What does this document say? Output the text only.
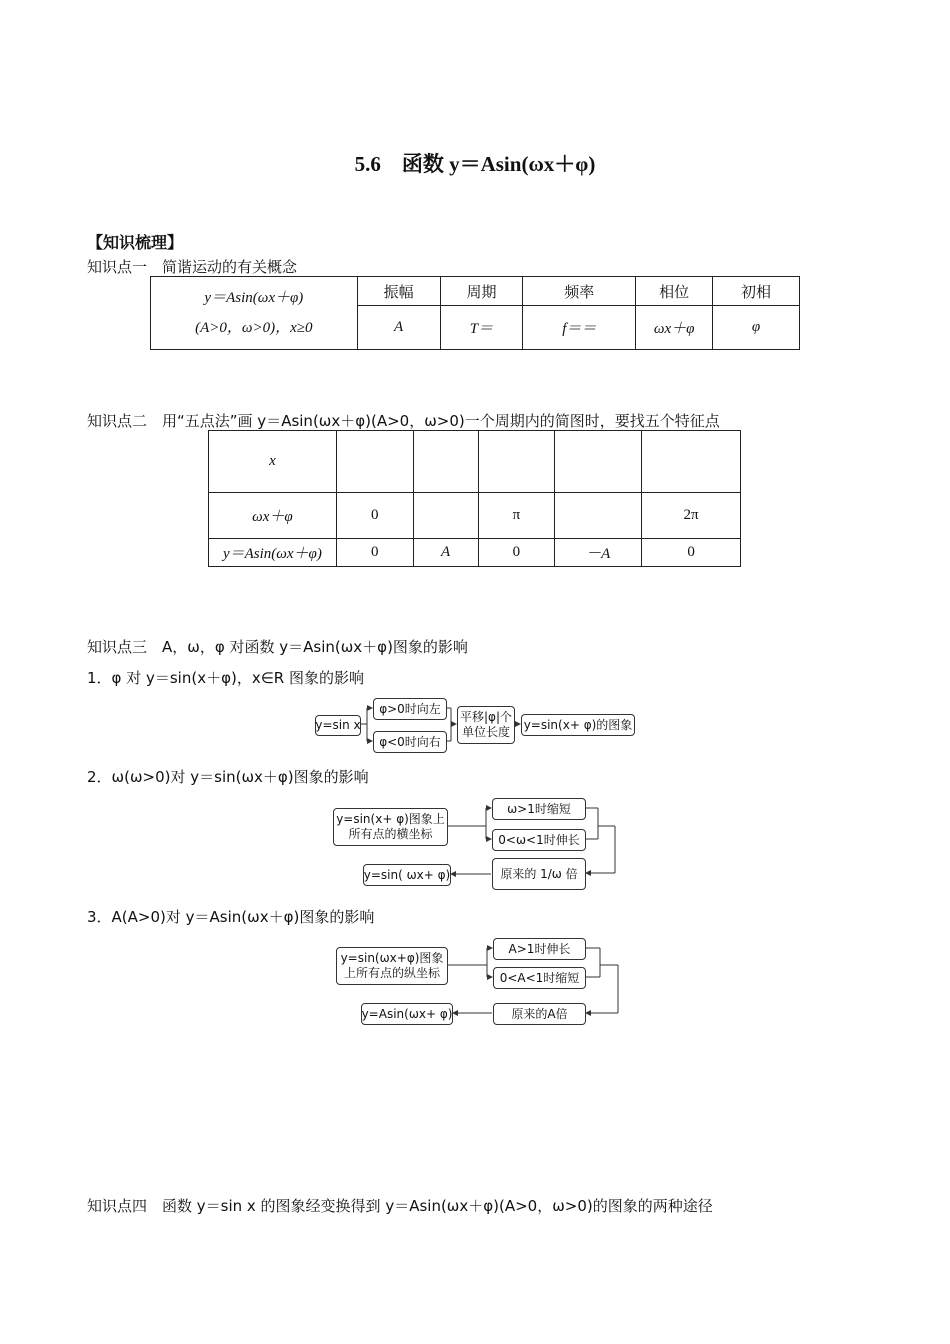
5.6　函数 y＝Asin(ωx＋φ)
【知识梳理】
知识点一　简谐运动的有关概念
y＝Asin(ωx＋φ)
(A>0，ω>0)，x≥0	振幅	周期	频率	相位	初相
	A	T＝	f＝＝	ωx＋φ	φ
知识点二　用“五点法”画 y＝Asin(ωx＋φ)(A>0，ω>0)一个周期内的简图时，要找五个特征点
x					
ωx＋φ	0		π		2π
y＝Asin(ωx＋φ)	0	A	0	－A	0
知识点三　A，ω，φ 对函数 y＝Asin(ωx＋φ)图象的影响
1．φ 对 y＝sin(x＋φ)，x∈R 图象的影响
y=sin x
φ>0时向左
φ<0时向右
平移|φ|个
单位长度
y=sin(x+ φ)的图象
2．ω(ω>0)对 y＝sin(ωx＋φ)图象的影响
y=sin(x+ φ)图象上
所有点的横坐标
ω>1时缩短
0<ω<1时伸长
原来的 1/ω 倍
y=sin( ωx+ φ)
3．A(A>0)对 y＝Asin(ωx＋φ)图象的影响
y=sin(ωx+φ)图象
上所有点的纵坐标
A>1时伸长
0<A<1时缩短
原来的A倍
y=Asin(ωx+ φ)
知识点四　函数 y＝sin x 的图象经变换得到 y＝Asin(ωx＋φ)(A>0，ω>0)的图象的两种途径
